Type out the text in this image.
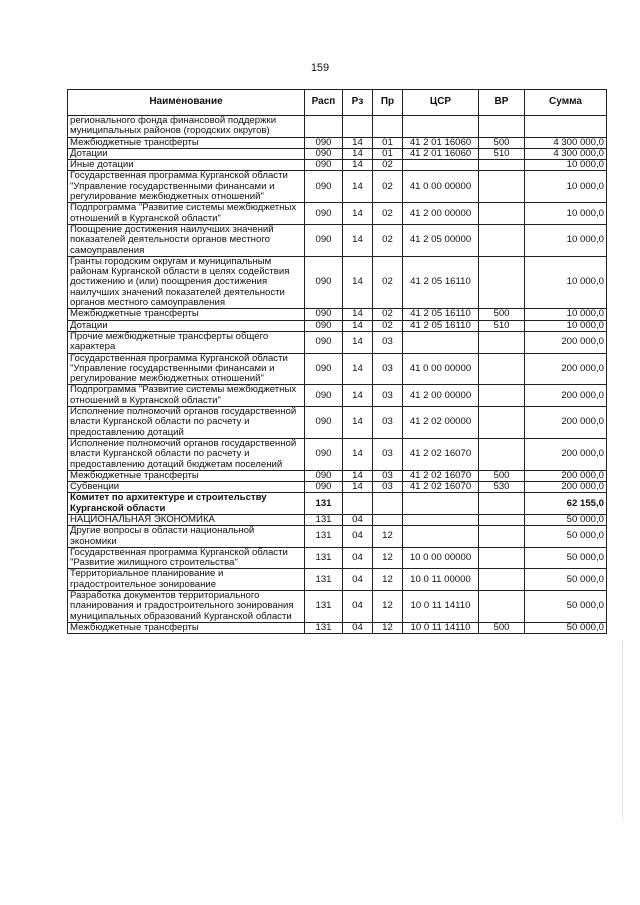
159
Наименование	Расп	Рз	Пр	ЦСР	ВР	Сумма
регионального фонда финансовой поддержки муниципальных районов (городских округов)						
Межбюджетные трансферты	090	14	01	41 2 01 16060	500	4 300 000,0
Дотации	090	14	01	41 2 01 16060	510	4 300 000,0
Иные дотации	090	14	02			10 000,0
Государственная программа Курганской области "Управление государственными финансами и регулирование межбюджетных отношений"	090	14	02	41 0 00 00000		10 000,0
Подпрограмма "Развитие системы межбюджетных отношений в Курганской области"	090	14	02	41 2 00 00000		10 000,0
Поощрение достижения наилучших значений показателей деятельности органов местного самоуправления	090	14	02	41 2 05 00000		10 000,0
Гранты городским округам и муниципальным районам Курганской области в целях содействия достижению и (или) поощрения достижения наилучших значений показателей деятельности органов местного самоуправления	090	14	02	41 2 05 16110		10 000,0
Межбюджетные трансферты	090	14	02	41 2 05 16110	500	10 000,0
Дотации	090	14	02	41 2 05 16110	510	10 000,0
Прочие межбюджетные трансферты общего характера	090	14	03			200 000,0
Государственная программа Курганской области "Управление государственными финансами и регулирование межбюджетных отношений"	090	14	03	41 0 00 00000		200 000,0
Подпрограмма "Развитие системы межбюджетных отношений в Курганской области"	090	14	03	41 2 00 00000		200 000,0
Исполнение полномочий органов государственной власти Курганской области по расчету и предоставлению дотаций	090	14	03	41 2 02 00000		200 000,0
Исполнение полномочий органов государственной власти Курганской области по расчету и предоставлению дотаций бюджетам поселений	090	14	03	41 2 02 16070		200 000,0
Межбюджетные трансферты	090	14	03	41 2 02 16070	500	200 000,0
Субвенции	090	14	03	41 2 02 16070	530	200 000,0
Комитет по архитектуре и строительству Курганской области	131					62 155,0
НАЦИОНАЛЬНАЯ ЭКОНОМИКА	131	04				50 000,0
Другие вопросы в области национальной экономики	131	04	12			50 000,0
Государственная программа Курганской области "Развитие жилищного строительства"	131	04	12	10 0 00 00000		50 000,0
Территориальное планирование и градостроительное зонирование	131	04	12	10 0 11 00000		50 000,0
Разработка документов территориального планирования и градостроительного зонирования муниципальных образований Курганской области	131	04	12	10 0 11 14110		50 000,0
Межбюджетные трансферты	131	04	12	10 0 11 14110	500	50 000,0
